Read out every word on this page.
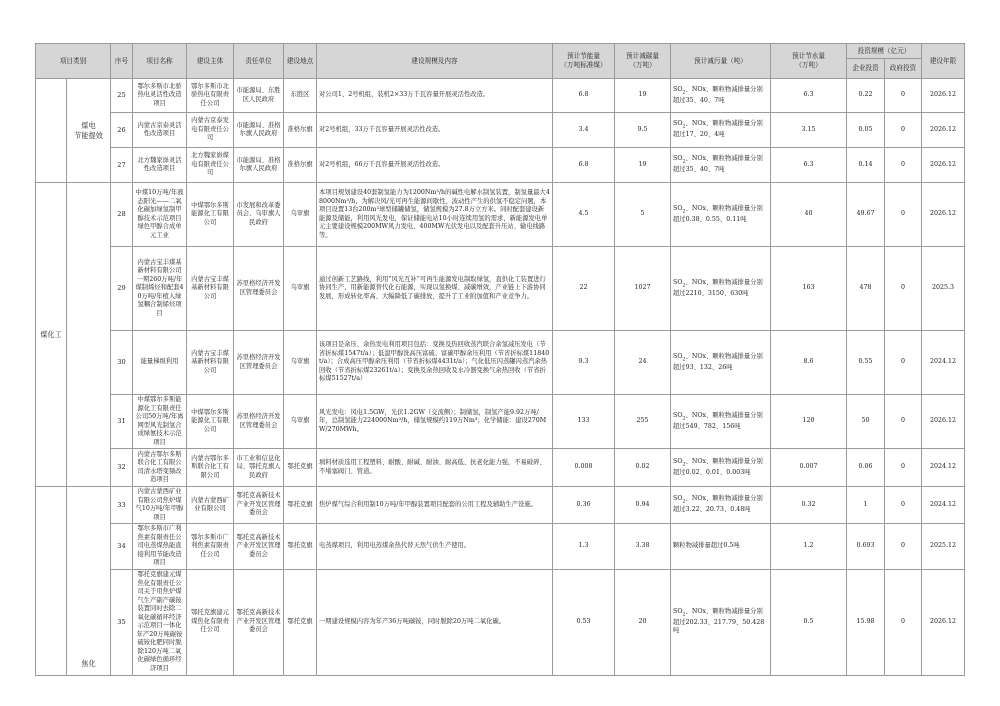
项目类别		序号	项目名称	建设主体	责任单位	建设地点	建设规模及内容	预计节能量
（万吨标准煤）	预计减碳量
（万吨）	预计减污量（吨）	预计节水量
（万吨）	投资规模（亿元）		建设年限
												企业投资	政府投资	
	煤电
节能提效	25	鄂尔多斯市北骄热电灵活性改造项目	鄂尔多斯市北骄热电有限责任公司	市能源局、东胜区人民政府	东胜区	对公司1、2号机组，装机2×33万千瓦容量开展灵活性改造。	6.8	19	$SO_2$、NOx、颗粒物减排量分别超过35、40、7吨	6.3	0.22	0	2026.12
		26	内蒙古京泰灵活性改造项目	内蒙古京泰发电有限责任公司	市能源局、准格尔旗人民政府	准格尔旗	对2号机组，33万千瓦容量开展灵活性改造。	3.4	9.5	$SO_2$、NOx、颗粒物减排量分别超过17、20、4吨	3.15	0.05	0	2026.12
		27	北方魏家峁灵活性改造项目	北方魏家峁煤电有限责任公司	市能源局、准格尔旗人民政府	准格尔旗	对2号机组，66万千瓦容量开展灵活性改造。	6.8	19	$SO_2$、NOx、颗粒物减排量分别超过35、40、7吨	6.3	0.14	0	2026.12
煤化工		28	中煤10万吨/年液态阳光——二氧化碳加绿氢制甲醇技术示范项目绿色甲醇合成单元工业	中煤鄂尔多斯能源化工有限公司	市发展和改革委员会、乌审旗人民政府	乌审旗	本项目规划建设40套制氢能力为1200Nm³/h的碱性电解水制氢装置，制氢量最大48000Nm³/h，为解决风/光可再生能源间歇性、波动性产生的供氢不稳定问题，本项目设置13台200m³球型储罐储氢，储氢规模为27.8万立方米。同时配套建设新能源及储能，利用风光发电，保证储能电站10小时连续用氢的需求，新能源发电单元主要建设规模200MW风力发电、400MW光伏发电以及配套升压站、输电线路等。	4.5	5	$SO_2$、NOx、颗粒物减排量分别超过0.38、0.55、0.11吨	40	49.67	0	2026.12
		29	内蒙古宝丰煤基新材料有限公司一期260万吨/年煤制烯烃和配套40万吨/年植入绿氢耦合制烯烃项目	内蒙古宝丰煤基新材料有限公司	苏里格经济开发区管理委员会	乌审旗	通过创新工艺路线，利用“风光互补”可再生能源发电制取绿氢，直供化工装置进行协同生产，用新能源替代化石能源，实现以氢换煤、减碳增效，产业链上下游协同发展，形成转化率高、大幅降低了碳排放，提升了工业附加值和产业竞争力。	22	1027	$SO_2$、NOx、颗粒物减排量分别超过2210、3150、630吨	163	478	0	2025.3
		30	能量梯级利用	内蒙古宝丰煤基新材料有限公司	苏里格经济开发区管理委员会	乌审旗	该项目是余压、余热发电利用项目包括：变换及热回收蒸汽联合余氢减压发电（节省折标煤1547t/a）；低温甲醇洗高压富硫、富碳甲醇余压利用（节省折标煤11840t/a）；合成高压甲醇余压利用（节省折标煤4431t/a）；气化低压闪蒸罐闪蒸汽余热回收（节省折标煤23261t/a）；变换及余热回收及水冷器变换气余热回收（节省折标煤51527t/a）	9.3	24	$SO_2$、NOx、颗粒物减排量分别超过93、132、26吨	8.6	0.55	0	2024.12
		31	中煤鄂尔多斯能源化工有限责任公司50万吨/年离网型风光制氢合成绿氨技术示范项目	中煤鄂尔多斯能源化工有限公司	苏里格经济开发区管理委员会	乌审旗	风光发电：风电1.5GW，光伏1.2GW（交流侧）；制储氢，制氢产能9.92万吨/年，总制氢能力224000Nm³/h，储氢规模约119万Nm³；化学储能：建设270MW/270MWh。	133	255	$SO_2$、NOx、颗粒物减排量分别超过549、782、156吨	120	50	0	2026.12
		32	内蒙古鄂尔多斯联合化工有限公司清水塔变频改造项目	内蒙古鄂尔多斯联合化工有限公司	市工业和信息化局、鄂托克旗人民政府	鄂托克旗	填料材质选用工程塑料、耐酸、耐碱、耐油、耐高低、抗老化能力强，不易破碎、不堵塞阀门、管道。	0.008	0.02	$SO_2$、NOx、颗粒物减排量分别超过0.02、0.01、0.003吨	0.007	0.06	0	2024.12
	焦化	33	内蒙古蒙西矿业有限公司焦炉煤气10万吨/年甲醇项目	内蒙古蒙西矿业有限公司	鄂托克高新技术产业开发区管理委员会	鄂托克旗	焦炉煤气综合利用制10万吨/年甲醇装置项目配套的公用工程及辅助生产设施。	0.36	0.94	$SO_2$、NOx、颗粒物减排量分别超过3.22、20.73、0.48吨	0.32	1	0	2024.12
		34	鄂尔多斯市广利焦素有限责任公司电蒸煤热能直接利用节能改造项目	鄂尔多斯市广利焦素有限责任公司	鄂托克高新技术产业开发区管理委员会	鄂托克旗	电蒸煤项目，利用电蒸煤余热代替天然气供生产使用。	1.3	3.38	颗粒物减排量超过0.5吨	1.2	0.693	0	2025.12
		35	鄂托克旗建元煤焦化有限责任公司关于用焦炉煤气生产副产碳铵装置同时去除二氧化碳循环经济示范项目一体化年产20万吨碳铵硫铵化肥同时脱除120万吨二氧化碳绿色循环经济项目	鄂托克旗建元煤焦化有限责任公司	鄂托克高新技术产业开发区管理委员会	鄂托克旗	一期建设规模内容为年产36万吨碳铵，同时脱除20万吨二氧化碳。	0.53	20	$SO_2$、NOx、颗粒物减排量分别超过202.33、217.79、50.428吨	0.5	15.98	0	2026.12
